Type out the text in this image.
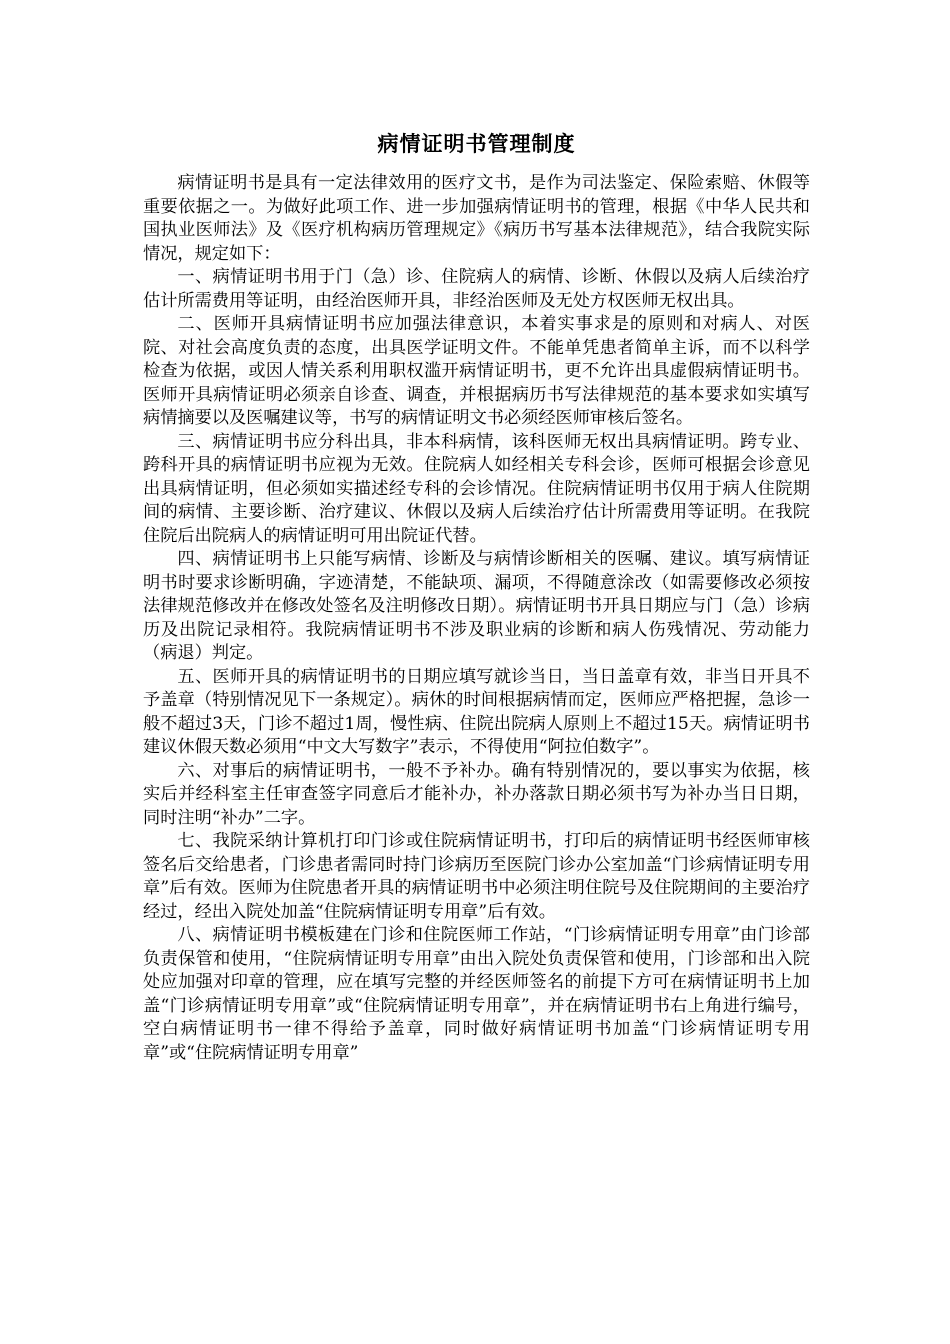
病情证明书管理制度

病情证明书是具有一定法律效用的医疗文书，是作为司法鉴定、保险索赔、休假等重要依据之一。为做好此项工作、进一步加强病情证明书的管理，根据《中华人民共和国执业医师法》及《医疗机构病历管理规定》《病历书写基本法律规范》，结合我院实际情况，规定如下：

一、病情证明书用于门（急）诊、住院病人的病情、诊断、休假以及病人后续治疗估计所需费用等证明，由经治医师开具，非经治医师及无处方权医师无权出具。

二、医师开具病情证明书应加强法律意识，本着实事求是的原则和对病人、对医院、对社会高度负责的态度，出具医学证明文件。不能单凭患者简单主诉，而不以科学检查为依据，或因人情关系利用职权滥开病情证明书，更不允许出具虚假病情证明书。医师开具病情证明必须亲自诊查、调查，并根据病历书写法律规范的基本要求如实填写病情摘要以及医嘱建议等，书写的病情证明文书必须经医师审核后签名。

三、病情证明书应分科出具，非本科病情，该科医师无权出具病情证明。跨专业、跨科开具的病情证明书应视为无效。住院病人如经相关专科会诊，医师可根据会诊意见出具病情证明，但必须如实描述经专科的会诊情况。住院病情证明书仅用于病人住院期间的病情、主要诊断、治疗建议、休假以及病人后续治疗估计所需费用等证明。在我院住院后出院病人的病情证明可用出院证代替。

四、病情证明书上只能写病情、诊断及与病情诊断相关的医嘱、建议。填写病情证明书时要求诊断明确，字迹清楚，不能缺项、漏项，不得随意涂改（如需要修改必须按法律规范修改并在修改处签名及注明修改日期）。病情证明书开具日期应与门（急）诊病历及出院记录相符。我院病情证明书不涉及职业病的诊断和病人伤残情况、劳动能力（病退）判定。

五、医师开具的病情证明书的日期应填写就诊当日，当日盖章有效，非当日开具不予盖章（特别情况见下一条规定）。病休的时间根据病情而定，医师应严格把握，急诊一般不超过3天，门诊不超过1周，慢性病、住院出院病人原则上不超过15天。病情证明书建议休假天数必须用“中文大写数字”表示，不得使用“阿拉伯数字”。

六、对事后的病情证明书，一般不予补办。确有特别情况的，要以事实为依据，核实后并经科室主任审查签字同意后才能补办，补办落款日期必须书写为补办当日日期，同时注明“补办”二字。

七、我院采纳计算机打印门诊或住院病情证明书，打印后的病情证明书经医师审核签名后交给患者，门诊患者需同时持门诊病历至医院门诊办公室加盖“门诊病情证明专用章”后有效。医师为住院患者开具的病情证明书中必须注明住院号及住院期间的主要治疗经过，经出入院处加盖“住院病情证明专用章”后有效。

八、病情证明书模板建在门诊和住院医师工作站，“门诊病情证明专用章”由门诊部负责保管和使用，“住院病情证明专用章”由出入院处负责保管和使用，门诊部和出入院处应加强对印章的管理，应在填写完整的并经医师签名的前提下方可在病情证明书上加盖“门诊病情证明专用章”或“住院病情证明专用章”，并在病情证明书右上角进行编号，空白病情证明书一律不得给予盖章，同时做好病情证明书加盖“门诊病情证明专用章”或“住院病情证明专用章”
